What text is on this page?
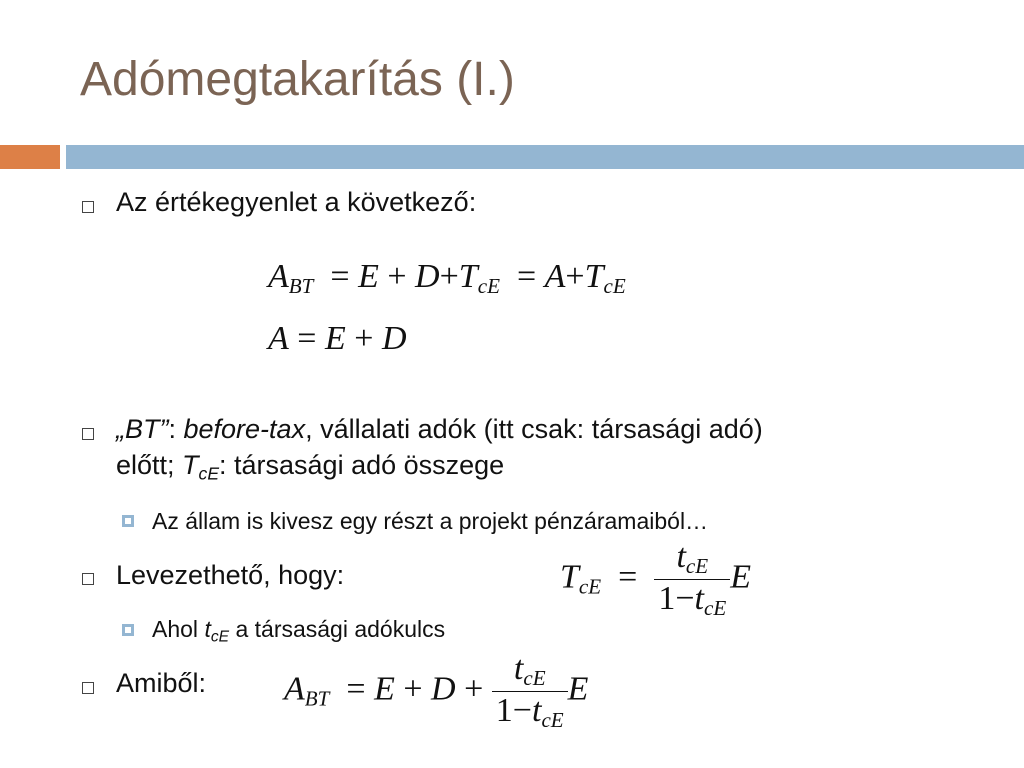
Adómegtakarítás (I.)
Az értékegyenlet a következő:
ABT = E + D+TcE = A+TcE
A = E + D
„BT”: before-tax, vállalati adók (itt csak: társasági adó)
előtt; TcE: társasági adó összege
Az állam is kivesz egy részt a projekt pénzáramaiból…
Levezethető, hogy:	TcE = $\frac{\text{tcE}}{\text{1−tcE}}$ E
Ahol $t_{cE}$ a társasági adókulcs
Amiből: ABT = $E + D + \frac{\text{tcE}}{\text{1−tcE}}$ E
